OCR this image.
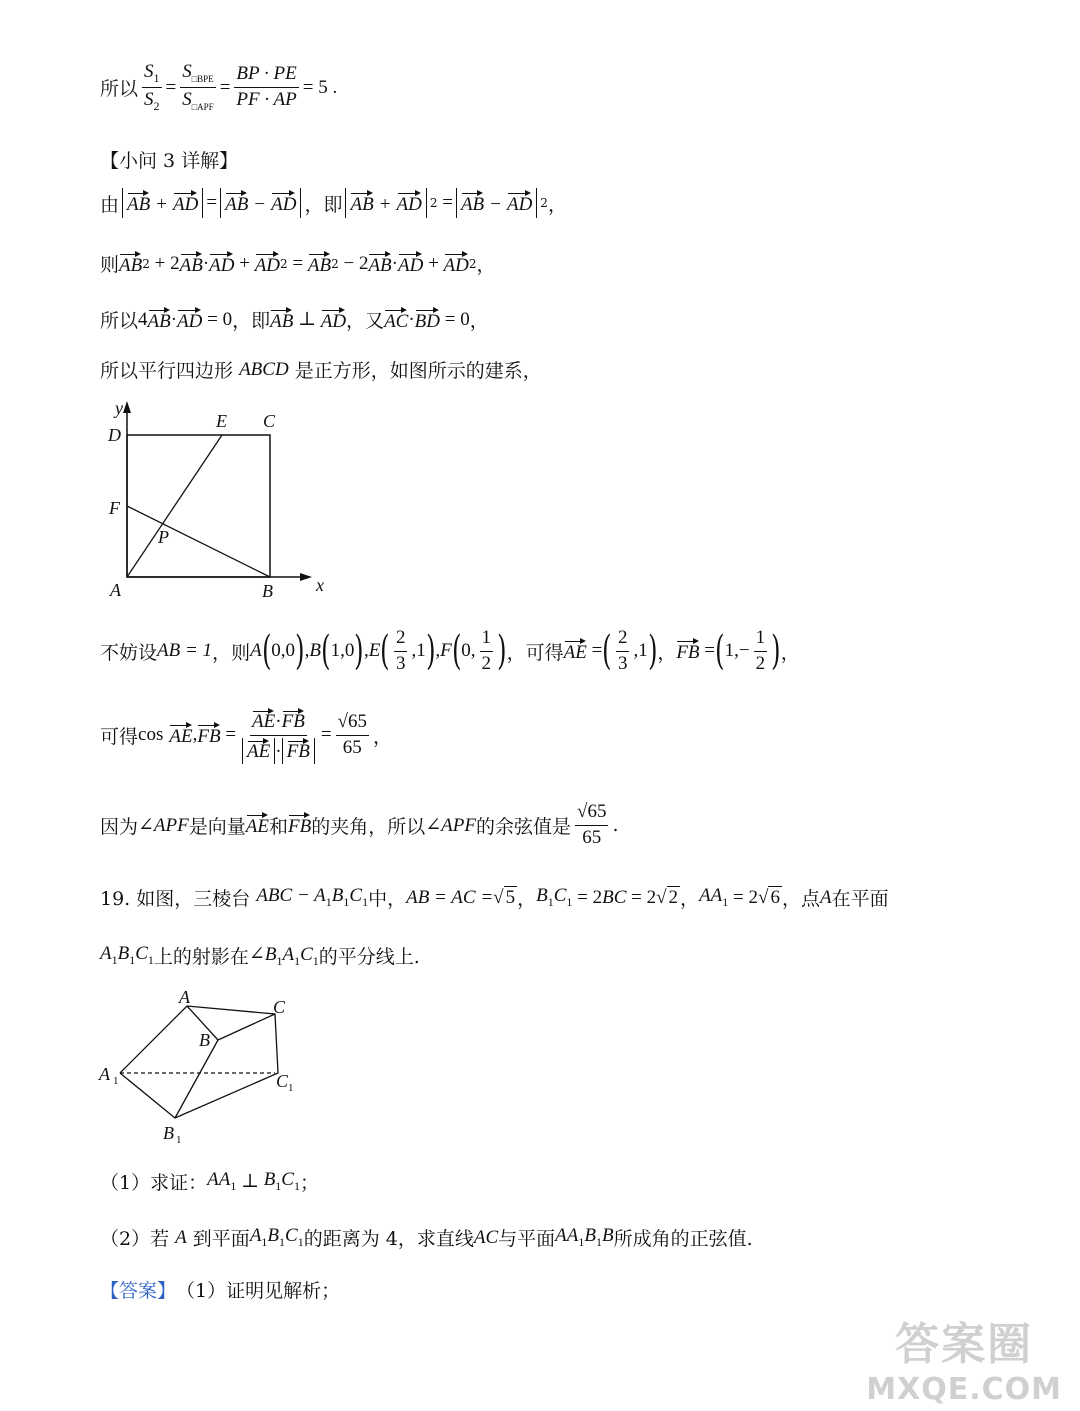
所以 $\frac{S_1}{S_2} = \frac{S_{□BPE}}{S_{□APF}} = \frac{BP \cdot PE}{PF \cdot AP} = 5$ .
【小问 3 详解】
由 AB + AD = AB − AD ，即 AB + AD 2 = AB − AD 2 ，
则 AB 2 + 2 AB · AD + AD 2 = AB 2 − 2 AB · AD + AD 2 ，
所以 4 AB · AD = 0 ，即 AB ⊥ AD ，又 AC · BD = 0 ，
所以平行四边形
ABCD
是正方形，如图所示的建系，
y
x
D
E C
F
P
A	B
不妨设 AB = 1 ，则 A ( 0,0 ) , B ( 1,0 ) , E ( $\frac{2}{3} ,1$ ) , F ( 0, $\frac{1}{2}$ ) ，可得 AE = ( $\frac{2}{3} ,1$ ) ， FB = ( $1,- \frac{1}{2}$ ) ，
可得 cos
AE , FB = $\frac{AE\cdot FB}{AE \cdot FB} = \frac{√65}{65}$ ，
因为 ∠APF 是向量 AE 和 FB 的夹角，所以 ∠APF 的余弦值是 $\frac{√65}{65}$ .
19. 如图，三棱台
ABC − $A_1B_1C_1$ 中， AB = AC = √ 5 ， $B_1C_1 = 2$ BC = 2√ 2 ， $AA_1 = 2√$ 6 ，点 A 在平面
$A_1B_1C_1$ 上的射影在 $\angle B_1A_1C_1$ 的平分线上.
A
B
C
A 1	C 1
B 1
（1）求证： $AA_1$ ⊥ $B_1C_1$ ；
（2）若
A
到平面 $A_1B_1C_1$ 的距离为 4，求直线 AC 与平面 $AA_1B_1B$ 所成角的正弦值.
【答案】 （1）证明见解析；
答案圈
MXQE.COM
